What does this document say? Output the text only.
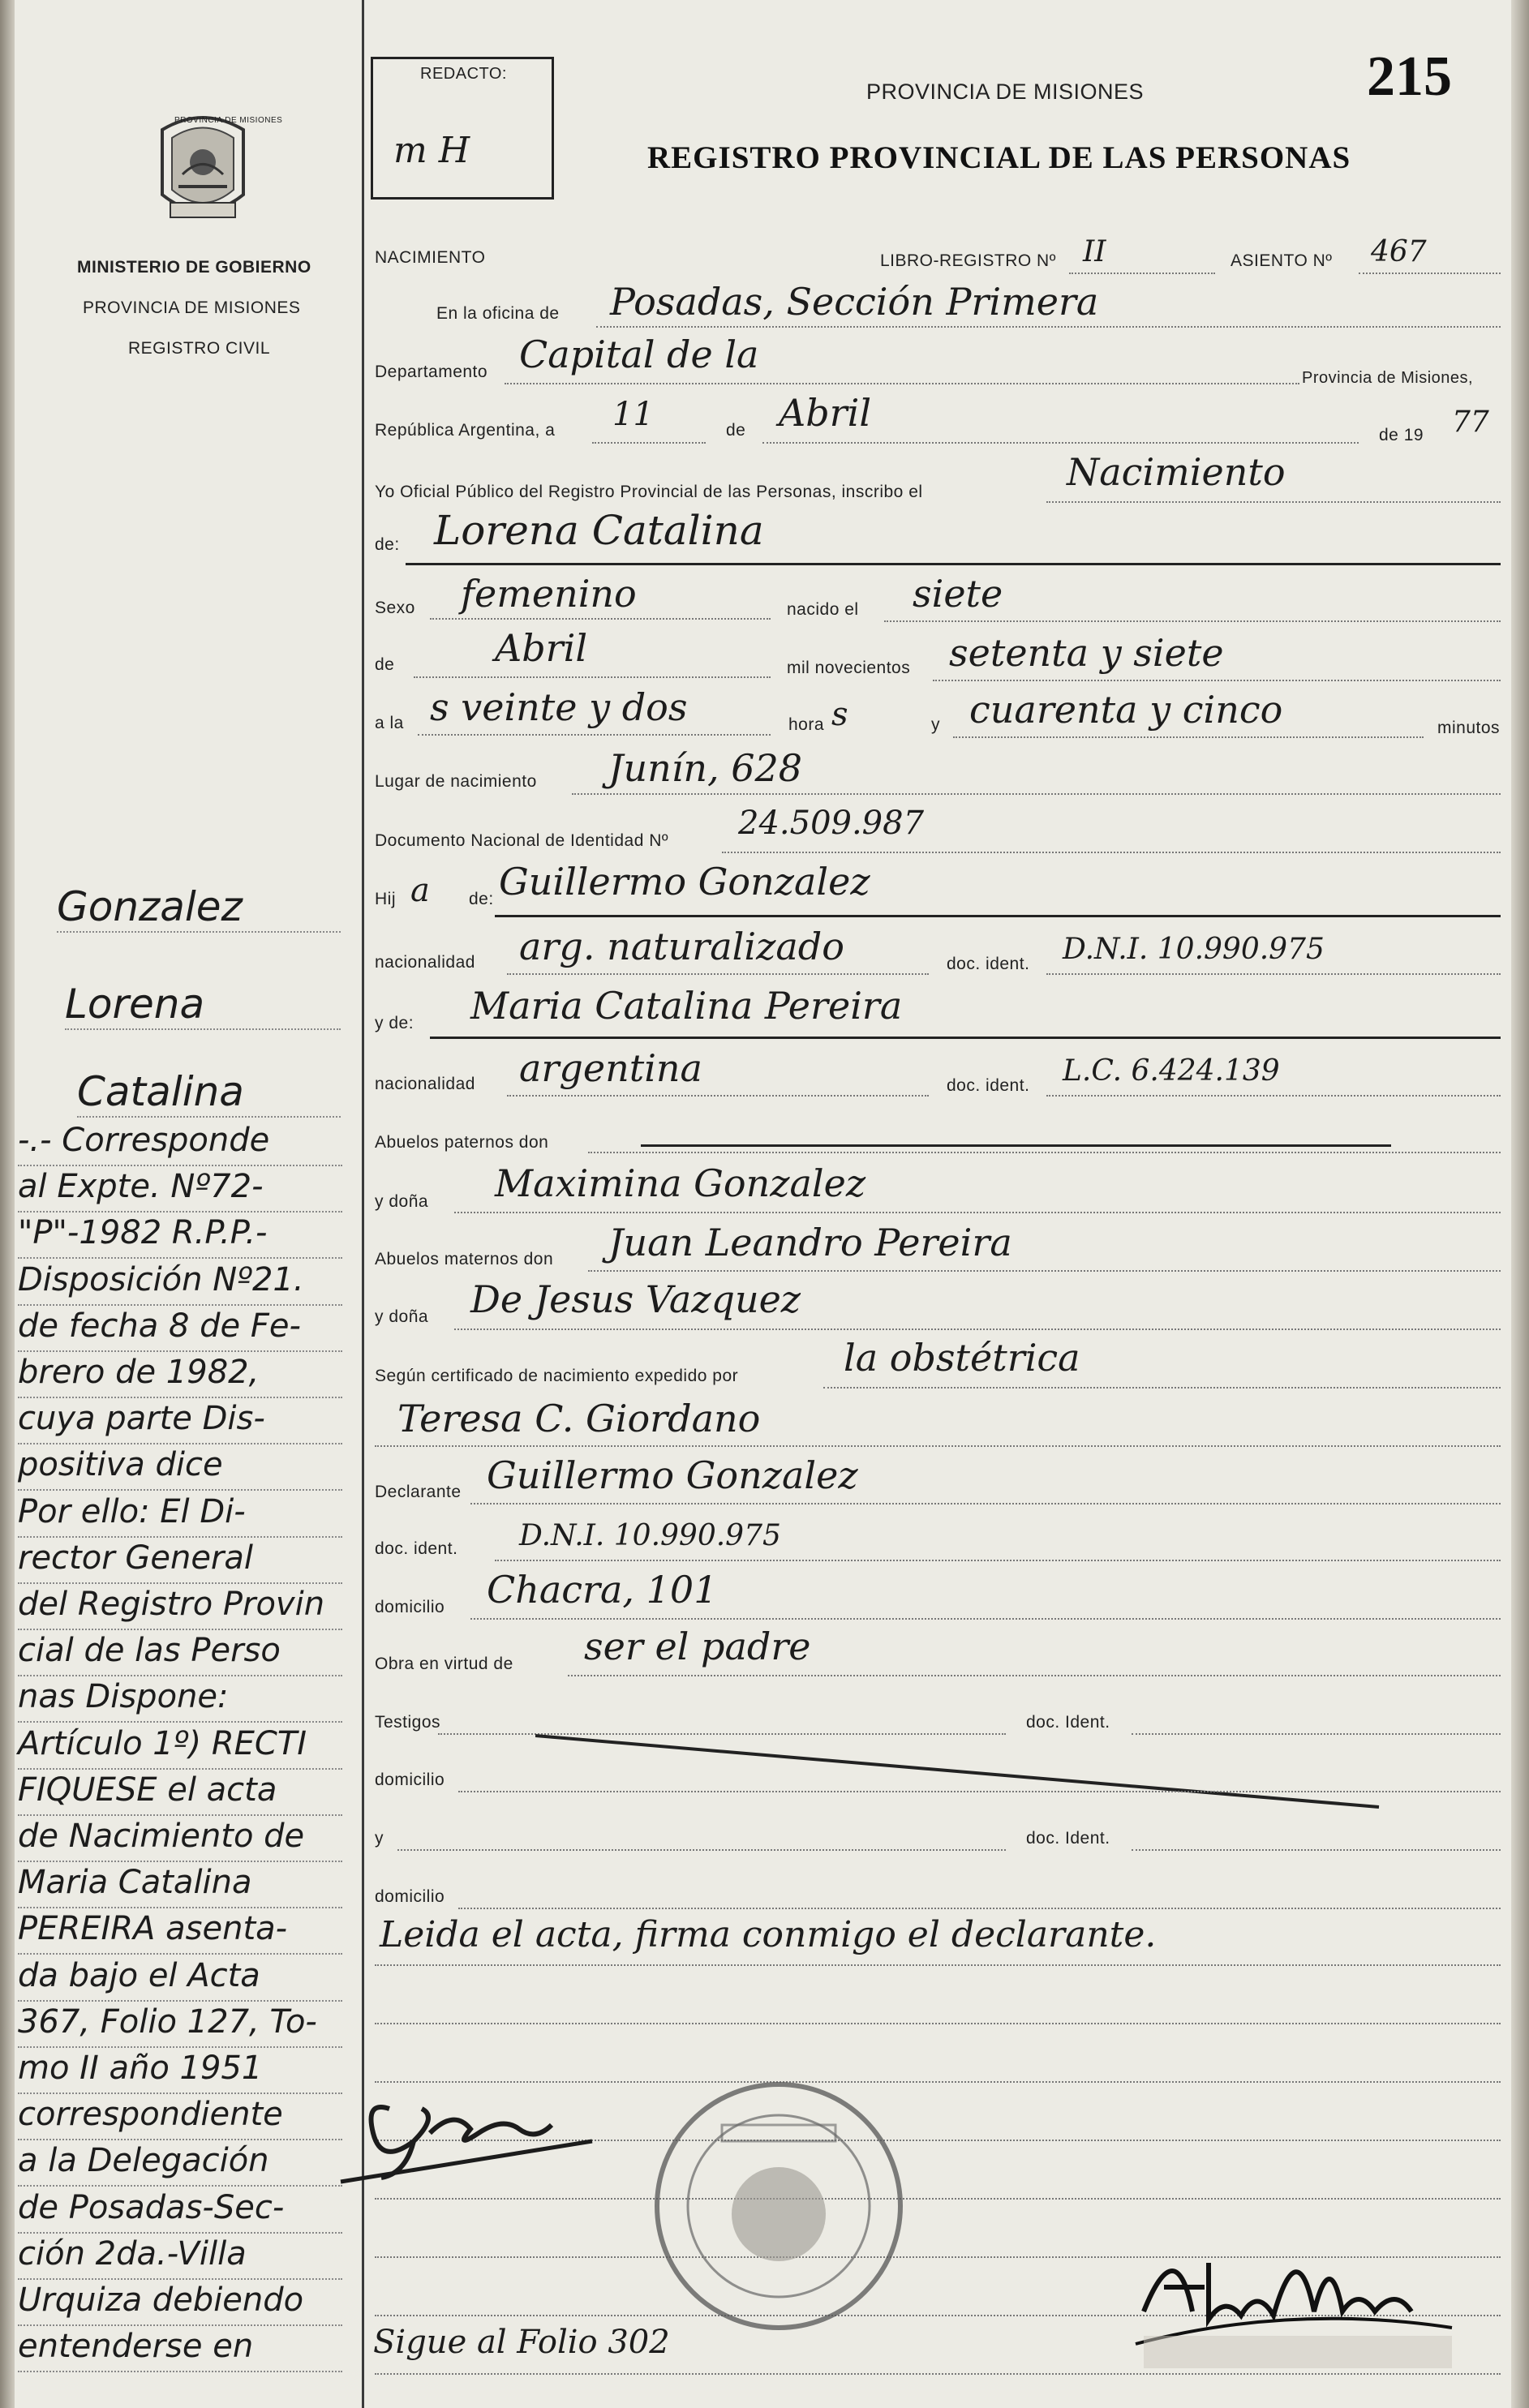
PROVINCIA DE MISIONES
MINISTERIO DE GOBIERNO
PROVINCIA DE MISIONES
REGISTRO CIVIL
REDACTO:
m H
PROVINCIA DE MISIONES	215
REGISTRO PROVINCIAL DE LAS PERSONAS
NACIMIENTO	LIBRO-REGISTRO Nº II	ASIENTO Nº 467
En la oficina de Posadas, Sección Primera
Departamento Capital de la
Provincia de Misiones,
República Argentina, a 11	de Abril
de 19 77
Yo Oficial Público del Registro Provincial de las Personas, inscribo el	Nacimiento
de: Lorena Catalina
Sexo femenino	nacido el siete
de	Abril	mil novecientos setenta y siete
a la s veinte y dos	hora s	y cuarenta y cinco	minutos
Lugar de nacimiento Junín, 628
Documento Nacional de Identidad Nº 24.509.987
Hij a de: Guillermo Gonzalez
nacionalidad arg. naturalizado	doc. ident. D.N.I. 10.990.975
y de: Maria Catalina Pereira
nacionalidad argentina	doc. ident. L.C. 6.424.139
Abuelos paternos don
y doña Maximina Gonzalez
Abuelos maternos don Juan Leandro Pereira
y doña De Jesus Vazquez
Según certificado de nacimiento expedido por	la obstétrica
Teresa C. Giordano
Declarante Guillermo Gonzalez
doc. ident. D.N.I. 10.990.975
domicilio Chacra, 101
Obra en virtud de ser el padre
Testigos	doc. Ident.
domicilio
y	doc. Ident.
domicilio
Leida el acta, firma conmigo el declarante.
Sigue al Folio 302
Gonzalez
Lorena
Catalina
-.- Corresponde
al Expte. Nº72-
"P"-1982 R.P.P.-
Disposición Nº21.
de fecha 8 de Fe-
brero de 1982,
cuya parte Dis-
positiva dice
Por ello: El Di-
rector General
del Registro Provin
cial de las Perso
nas Dispone:
Artículo 1º) RECTI
FIQUESE el acta
de Nacimiento de
Maria Catalina
PEREIRA asenta-
da bajo el Acta
367, Folio 127, To-
mo II año 1951
correspondiente
a la Delegación
de Posadas-Sec-
ción 2da.-Villa
Urquiza debiendo
entenderse en
